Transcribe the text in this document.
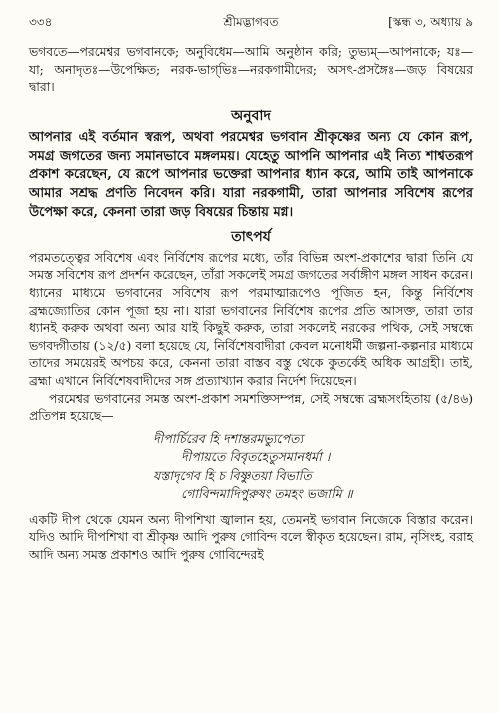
৩৩৪	শ্রীমদ্ভাগবত	[স্কন্ধ ৩, অধ্যায় ৯

ভগবতে—পরমেশ্বর ভগবানকে; অনুবিধেম—আমি অনুষ্ঠান করি; তুভ্যম্—আপনাকে; যঃ—যা; অনাদৃতঃ—উপেক্ষিত; নরক-ভাগ্‌ভিঃ—নরকগামীদের; অসৎ-প্রসঙ্গৈঃ—জড় বিষয়ের দ্বারা।

অনুবাদ

আপনার এই বর্তমান স্বরূপ, অথবা পরমেশ্বর ভগবান শ্রীকৃষ্ণের অন্য যে কোন রূপ, সমগ্র জগতের জন্য সমানভাবে মঙ্গলময়। যেহেতু আপনি আপনার এই নিত্য শাশ্বতরূপ প্রকাশ করেছেন, যে রূপে আপনার ভক্তেরা আপনার ধ্যান করে, আমি তাই আপনাকে আমার সশ্রদ্ধ প্রণতি নিবেদন করি। যারা নরকগামী, তারা আপনার সবিশেষ রূপের উপেক্ষা করে, কেননা তারা জড় বিষয়ের চিন্তায় মগ্ন।

তাৎপর্য

পরমতত্ত্বের সবিশেষ এবং নির্বিশেষ রূপের মধ্যে, তাঁর বিভিন্ন অংশ-প্রকাশের দ্বারা তিনি যে সমস্ত সবিশেষ রূপ প্রদর্শন করেছেন, তাঁরা সকলেই সমগ্র জগতের সর্বাঙ্গীণ মঙ্গল সাধন করেন। ধ্যানের মাধ্যমে ভগবানের সবিশেষ রূপ পরমাত্মারূপেও পূজিত হন, কিন্তু নির্বিশেষ ব্রহ্মজ্যোতির কোন পূজা হয় না। যারা ভগবানের নির্বিশেষ রূপের প্রতি আসক্ত, তারা তার ধ্যানই করুক অথবা অন্য আর যাই কিছুই করুক, তারা সকলেই নরকের পথিক, সেই সম্বন্ধে ভগবদ্গীতায় (১২/৫) বলা হয়েছে যে, নির্বিশেষবাদীরা কেবল মনোধর্মী জল্পনা-কল্পনার মাধ্যমে তাদের সময়েরই অপচয় করে, কেননা তারা বাস্তব বস্তু থেকে কুতর্কেই অধিক আগ্রহী। তাই, ব্রহ্মা এখানে নির্বিশেষবাদীদের সঙ্গ প্রত্যাখ্যান করার নির্দেশ দিয়েছেন।

পরমেশ্বর ভগবানের সমস্ত অংশ-প্রকাশ সমশক্তিসম্পন্ন, সেই সম্বন্ধে ব্রহ্মসংহিতায় (৫/৪৬) প্রতিপন্ন হয়েছে—

দীপার্চিরেব হি দশান্তরমভ্যুপেত্য
দীপায়তে বিবৃতহেতুসমানধর্মা ।
যস্তাদৃগেব হি চ বিষ্ণুতয়া বিভাতি
গোবিন্দমাদিপুরুষং তমহং ভজামি ॥

একটি দীপ থেকে যেমন অন্য দীপশিখা জ্বালান হয়, তেমনই ভগবান নিজেকে বিস্তার করেন। যদিও আদি দীপশিখা বা শ্রীকৃষ্ণ আদি পুরুষ গোবিন্দ বলে স্বীকৃত হয়েছেন। রাম, নৃসিংহ, বরাহ আদি অন্য সমস্ত প্রকাশও আদি পুরুষ গোবিন্দেরই
